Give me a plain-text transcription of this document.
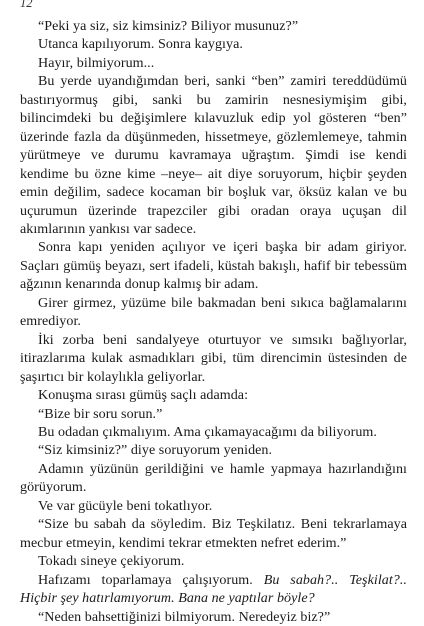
12

“Peki ya siz, siz kimsiniz? Biliyor musunuz?”

Utanca kapılıyorum. Sonra kaygıya.

Hayır, bilmiyorum...

Bu yerde uyandığımdan beri, sanki “ben” zamiri tereddüdümü bastırıyormuş gibi, sanki bu zamirin nesnesiymişim gibi, bilincimdeki bu değişimlere kılavuzluk edip yol gösteren “ben” üzerinde fazla da düşünmeden, hissetmeye, gözlemlemeye, tahmin yürütmeye ve durumu kavramaya uğraştım. Şimdi ise kendi kendime bu özne kime –neye– ait diye soruyorum, hiçbir şeyden emin değilim, sadece kocaman bir boşluk var, öksüz kalan ve bu uçurumun üzerinde trapezciler gibi oradan oraya uçuşan dil akımlarının yankısı var sadece.

Sonra kapı yeniden açılıyor ve içeri başka bir adam giriyor. Saçları gümüş beyazı, sert ifadeli, küstah bakışlı, hafif bir tebessüm ağzının kenarında donup kalmış bir adam.

Girer girmez, yüzüme bile bakmadan beni sıkıca bağlamalarını emrediyor.

İki zorba beni sandalyeye oturtuyor ve sımsıkı bağlıyorlar, itirazlarıma kulak asmadıkları gibi, tüm direncimin üstesinden de şaşırtıcı bir kolaylıkla geliyorlar.

Konuşma sırası gümüş saçlı adamda:

“Bize bir soru sorun.”

Bu odadan çıkmalıyım. Ama çıkamayacağımı da biliyorum.

“Siz kimsiniz?” diye soruyorum yeniden.

Adamın yüzünün gerildiğini ve hamle yapmaya hazırlandığını görüyorum.

Ve var gücüyle beni tokatlıyor.

“Size bu sabah da söyledim. Biz Teşkilatız. Beni tekrarlamaya mecbur etmeyin, kendimi tekrar etmekten nefret ederim.”

Tokadı sineye çekiyorum.

Hafızamı toparlamaya çalışıyorum. Bu sabah?.. Teşkilat?.. Hiçbir şey hatırlamıyorum. Bana ne yaptılar böyle?

“Neden bahsettiğinizi bilmiyorum. Neredeyiz biz?”
